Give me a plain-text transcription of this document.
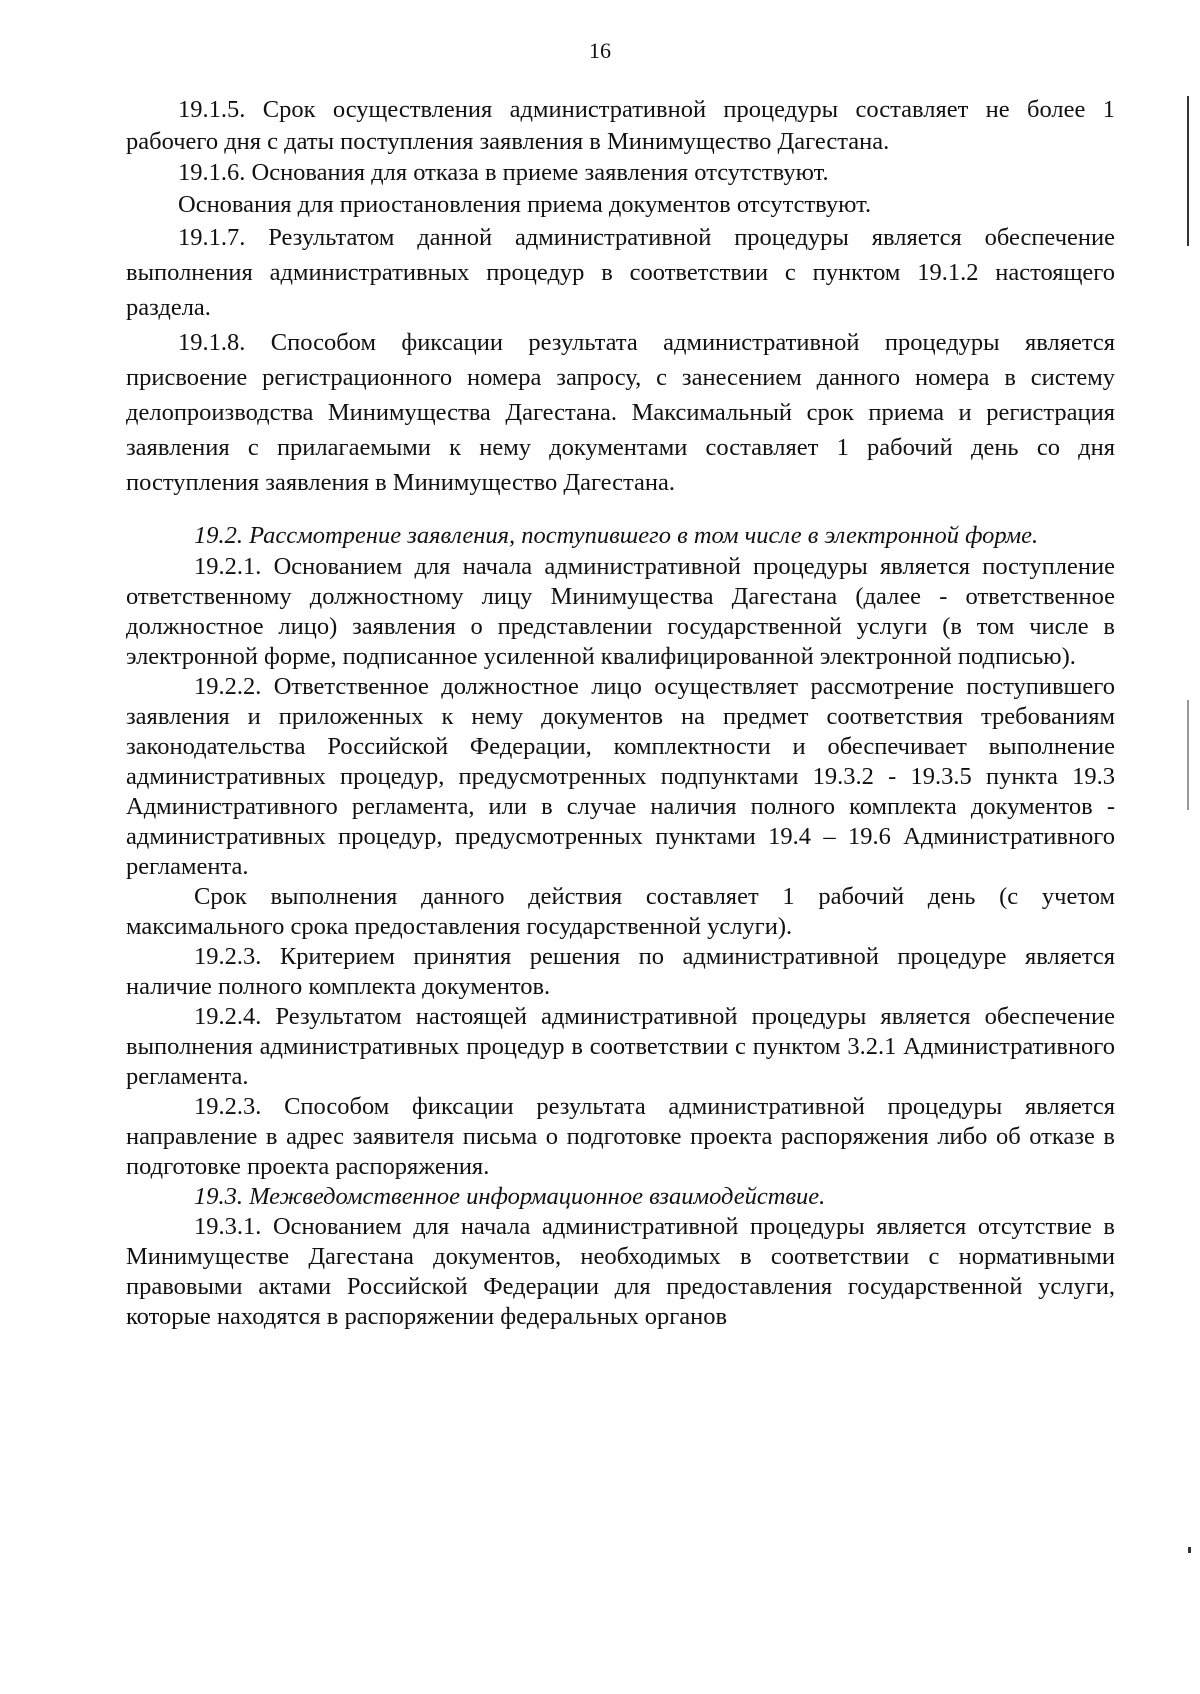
16

19.1.5. Срок осуществления административной процедуры составляет не более 1 рабочего дня с даты поступления заявления в Минимущество Дагестана.

19.1.6. Основания для отказа в приеме заявления отсутствуют.

Основания для приостановления приема документов отсутствуют.

19.1.7. Результатом данной административной процедуры является обеспечение выполнения административных процедур в соответствии с пунктом 19.1.2 настоящего раздела.

19.1.8. Способом фиксации результата административной процедуры является присвоение регистрационного номера запросу, с занесением данного номера в систему делопроизводства Минимущества Дагестана. Максимальный срок приема и регистрация заявления с прилагаемыми к нему документами составляет 1 рабочий день со дня поступления заявления в Минимущество Дагестана.

19.2. Рассмотрение заявления, поступившего в том числе в электронной форме.

19.2.1. Основанием для начала административной процедуры является поступление ответственному должностному лицу Минимущества Дагестана (далее - ответственное должностное лицо) заявления о представлении государственной услуги (в том числе в электронной форме, подписанное усиленной квалифицированной электронной подписью).

19.2.2. Ответственное должностное лицо осуществляет рассмотрение поступившего заявления и приложенных к нему документов на предмет соответствия требованиям законодательства Российской Федерации, комплектности и обеспечивает выполнение административных процедур, предусмотренных подпунктами 19.3.2 - 19.3.5 пункта 19.3 Административного регламента, или в случае наличия полного комплекта документов - административных процедур, предусмотренных пунктами 19.4 – 19.6 Административного регламента.

Срок выполнения данного действия составляет 1 рабочий день (с учетом максимального срока предоставления государственной услуги).

19.2.3. Критерием принятия решения по административной процедуре является наличие полного комплекта документов.

19.2.4. Результатом настоящей административной процедуры является обеспечение выполнения административных процедур в соответствии с пунктом 3.2.1 Административного регламента.

19.2.3. Способом фиксации результата административной процедуры является направление в адрес заявителя письма о подготовке проекта распоряжения либо об отказе в подготовке проекта распоряжения.

19.3. Межведомственное информационное взаимодействие.

19.3.1. Основанием для начала административной процедуры является отсутствие в Минимуществе Дагестана документов, необходимых в соответствии с нормативными правовыми актами Российской Федерации для предоставления государственной услуги, которые находятся в распоряжении федеральных органов
